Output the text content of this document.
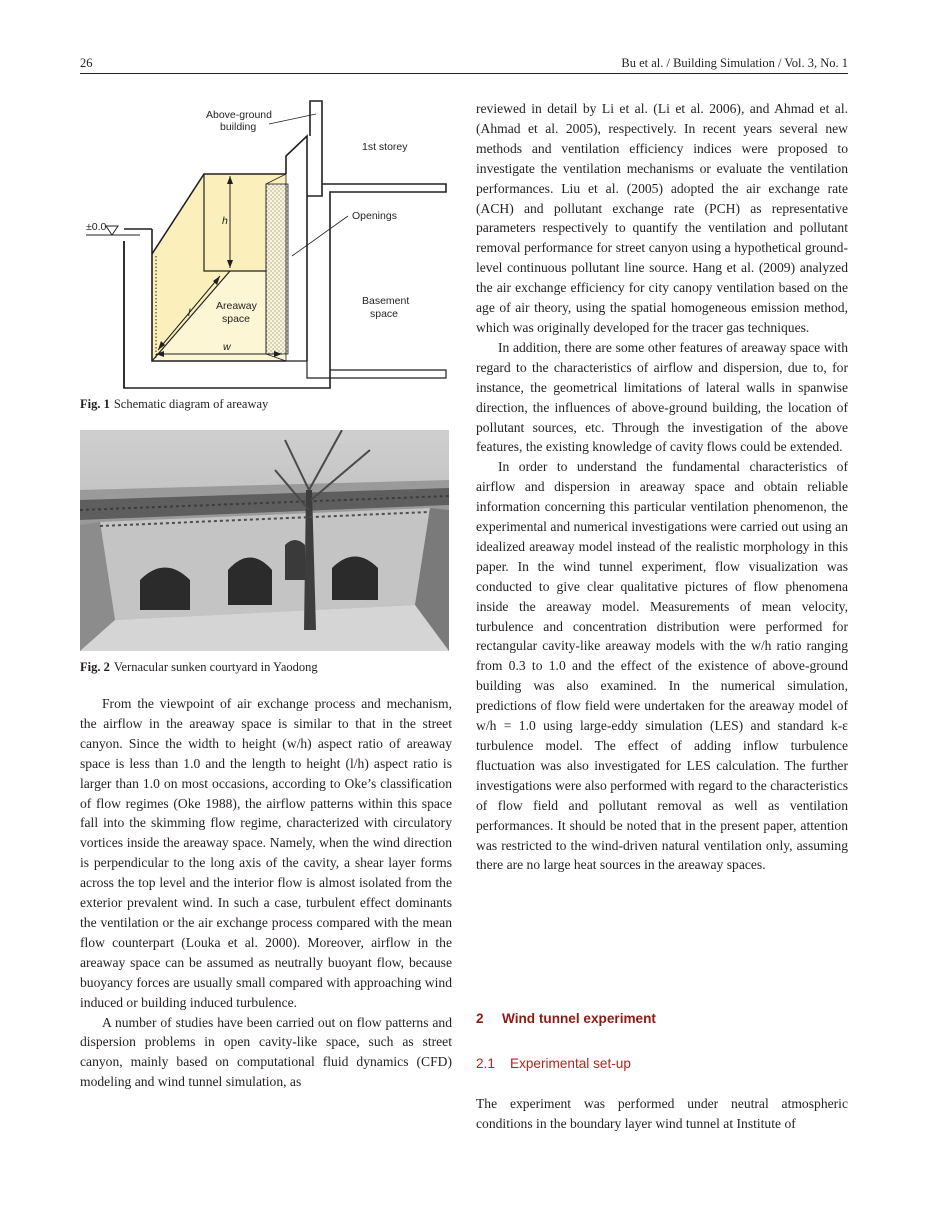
26	Bu et al. / Building Simulation / Vol. 3, No. 1
Above-ground
building
1st storey
Openings
±0.0	h
l
w
Areaway
space
Basement
space
Fig. 1 Schematic diagram of areaway
Fig. 2 Vernacular sunken courtyard in Yaodong

From the viewpoint of air exchange process and mechanism, the airflow in the areaway space is similar to that in the street canyon. Since the width to height (w/h) aspect ratio of areaway space is less than 1.0 and the length to height (l/h) aspect ratio is larger than 1.0 on most occasions, according to Oke’s classification of flow regimes (Oke 1988), the airflow patterns within this space fall into the skimming flow regime, characterized with circulatory vortices inside the areaway space. Namely, when the wind direction is perpendicular to the long axis of the cavity, a shear layer forms across the top level and the interior flow is almost isolated from the exterior prevalent wind. In such a case, turbulent effect dominants the ventilation or the air exchange process compared with the mean flow counterpart (Louka et al. 2000). Moreover, airflow in the areaway space can be assumed as neutrally buoyant flow, because buoyancy forces are usually small compared with approaching wind induced or building induced turbulence.

A number of studies have been carried out on flow patterns and dispersion problems in open cavity-like space, such as street canyon, mainly based on computational fluid dynamics (CFD) modeling and wind tunnel simulation, as

reviewed in detail by Li et al. (Li et al. 2006), and Ahmad et al. (Ahmad et al. 2005), respectively. In recent years several new methods and ventilation efficiency indices were proposed to investigate the ventilation mechanisms or evaluate the ventilation performances. Liu et al. (2005) adopted the air exchange rate (ACH) and pollutant exchange rate (PCH) as representative parameters respectively to quantify the ventilation and pollutant removal performance for street canyon using a hypothetical ground-level continuous pollutant line source. Hang et al. (2009) analyzed the air exchange efficiency for city canopy ventilation based on the age of air theory, using the spatial homogeneous emission method, which was originally developed for the tracer gas techniques.

In addition, there are some other features of areaway space with regard to the characteristics of airflow and dispersion, due to, for instance, the geometrical limitations of lateral walls in spanwise direction, the influences of above-ground building, the location of pollutant sources, etc. Through the investigation of the above features, the existing knowledge of cavity flows could be extended.

In order to understand the fundamental characteristics of airflow and dispersion in areaway space and obtain reliable information concerning this particular ventilation phenomenon, the experimental and numerical investigations were carried out using an idealized areaway model instead of the realistic morphology in this paper. In the wind tunnel experiment, flow visualization was conducted to give clear qualitative pictures of flow phenomena inside the areaway model. Measurements of mean velocity, turbulence and concentration distribution were performed for rectangular cavity-like areaway models with the w/h ratio ranging from 0.3 to 1.0 and the effect of the existence of above-ground building was also examined. In the numerical simulation, predictions of flow field were undertaken for the areaway model of w/h = 1.0 using large-eddy simulation (LES) and standard k-ε turbulence model. The effect of adding inflow turbulence fluctuation was also investigated for LES calculation. The further investigations were also performed with regard to the characteristics of flow field and pollutant removal as well as ventilation performances. It should be noted that in the present paper, attention was restricted to the wind-driven natural ventilation only, assuming there are no large heat sources in the areaway spaces.

2 Wind tunnel experiment
2.1 Experimental set-up

The experiment was performed under neutral atmospheric conditions in the boundary layer wind tunnel at Institute of
